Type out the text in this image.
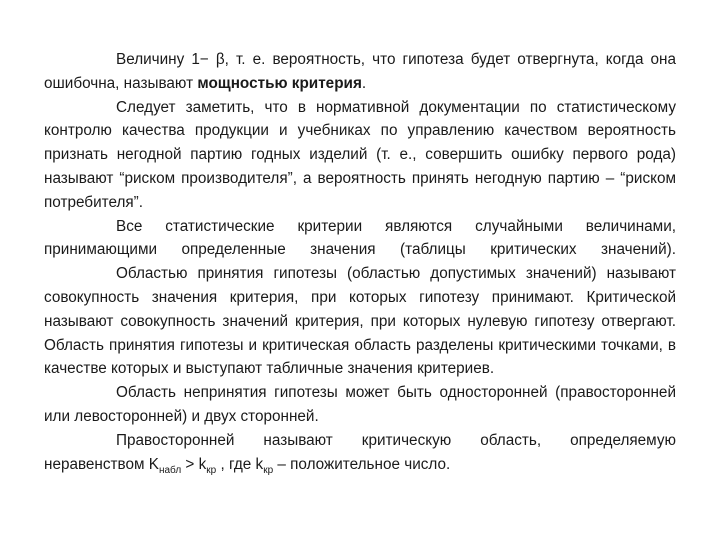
Величину 1− β, т. е. вероятность, что гипотеза будет отвергнута, когда она ошибочна, называют мощностью критерия.

Следует заметить, что в нормативной документации по статистическому контролю качества продукции и учебниках по управлению качеством вероятность признать негодной партию годных изделий (т. е., совершить ошибку первого рода) называют “риском производителя”, а вероятность принять негодную партию – “риском потребителя”.

Все статистические критерии являются случайными величинами, принимающими определенные значения (таблицы критических значений).

Областью принятия гипотезы (областью допустимых значений) называют совокупность значения критерия, при которых гипотезу принимают. Критической называют совокупность значений критерия, при которых нулевую гипотезу отвергают. Область принятия гипотезы и критическая область разделены критическими точками, в качестве которых и выступают табличные значения критериев.

Область непринятия гипотезы может быть односторонней (правосторонней или левосторонней) и двух сторонней.

Правосторонней называют критическую область, определяемую неравенством $K_{набл} > k_{кр}$ , где $k_{кр}$ – положительное число.
